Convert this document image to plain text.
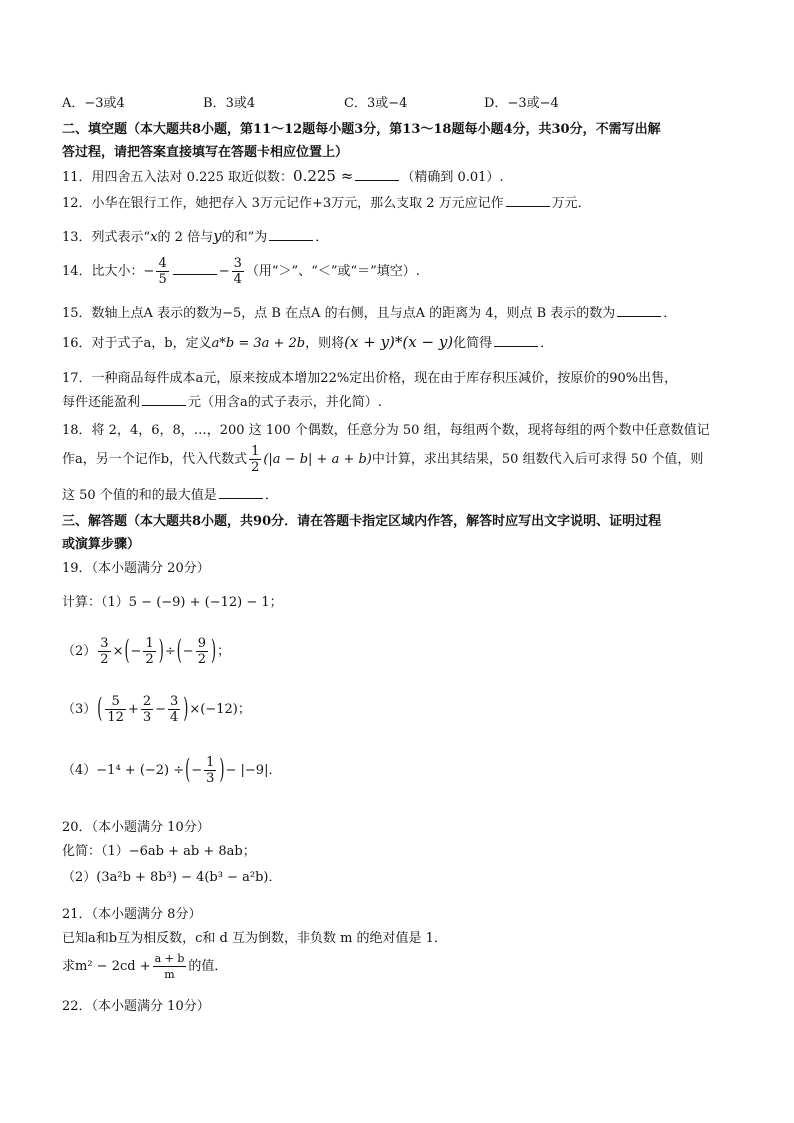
A．−3或4	B．3或4	C．3或−4	D．−3或−4
二、填空题（本大题共8小题，第11～12题每小题3分，第13～18题每小题4分，共30分，不需写出解
答过程，请把答案直接填写在答题卡相应位置上）
11．用四舍五入法对 0.225 取近似数：0.225 ≈	（精确到 0.01）.
12．小华在银行工作，她把存入 3万元记作+3万元，那么支取 2 万元应记作	万元．
13．列式表示“x的 2 倍与y的和”为	．
14．比大小：− $\frac{4}{5}$	− $\frac{3}{4}$ （用“＞”、“＜”或“＝”填空）.
15．数轴上点A 表示的数为−5，点 B 在点A 的右侧，且与点A 的距离为 4，则点 B 表示的数为	．
16．对于式子a，b，定义a*b = 3a + 2b，则将(x + y)*(x − y)化简得	．
17．一种商品每件成本a元，原来按成本增加22%定出价格，现在由于库存积压减价，按原价的90%出售，
每件还能盈利	元（用含a的式子表示，并化简）.
18．将 2，4，6，8，…，200 这 100 个偶数，任意分为 50 组，每组两个数，现将每组的两个数中任意数值记
作a，另一个记作b，代入代数式 $\frac{1}{2} (|a - b| + a + b)$中计算，求出其结果，50 组数代入后可求得 50 个值，则
这 50 个值的和的最大值是	．
三、解答题（本大题共8小题，共90分．请在答题卡指定区域内作答，解答时应写出文字说明、证明过程
或演算步骤）
19．（本小题满分 20分）
计算：（1）5 − (−9) + (−12) − 1；
$(2) \frac{3}{2}$ ×(− $\frac{1}{2}$ )÷(− $\frac{9}{2}$ )；
$(3)( \frac{5}{12} + \frac{2}{3} - \frac{3}{4} )\times(-12)$；
（4）−1⁴ + (−2) ÷(− $\frac{1}{3}$ )− |−9|．
20．（本小题满分 10分）
化简：（1）−6ab + ab + 8ab；
（2）(3a²b + 8b³) − 4(b³ − a²b)．
21．（本小题满分 8分）
已知a和b互为相反数，c和 d 互为倒数，非负数 m 的绝对值是 1．
求$m^2 - 2cd + \frac{a + b}{m}$ 的值．
22．（本小题满分 10分）
